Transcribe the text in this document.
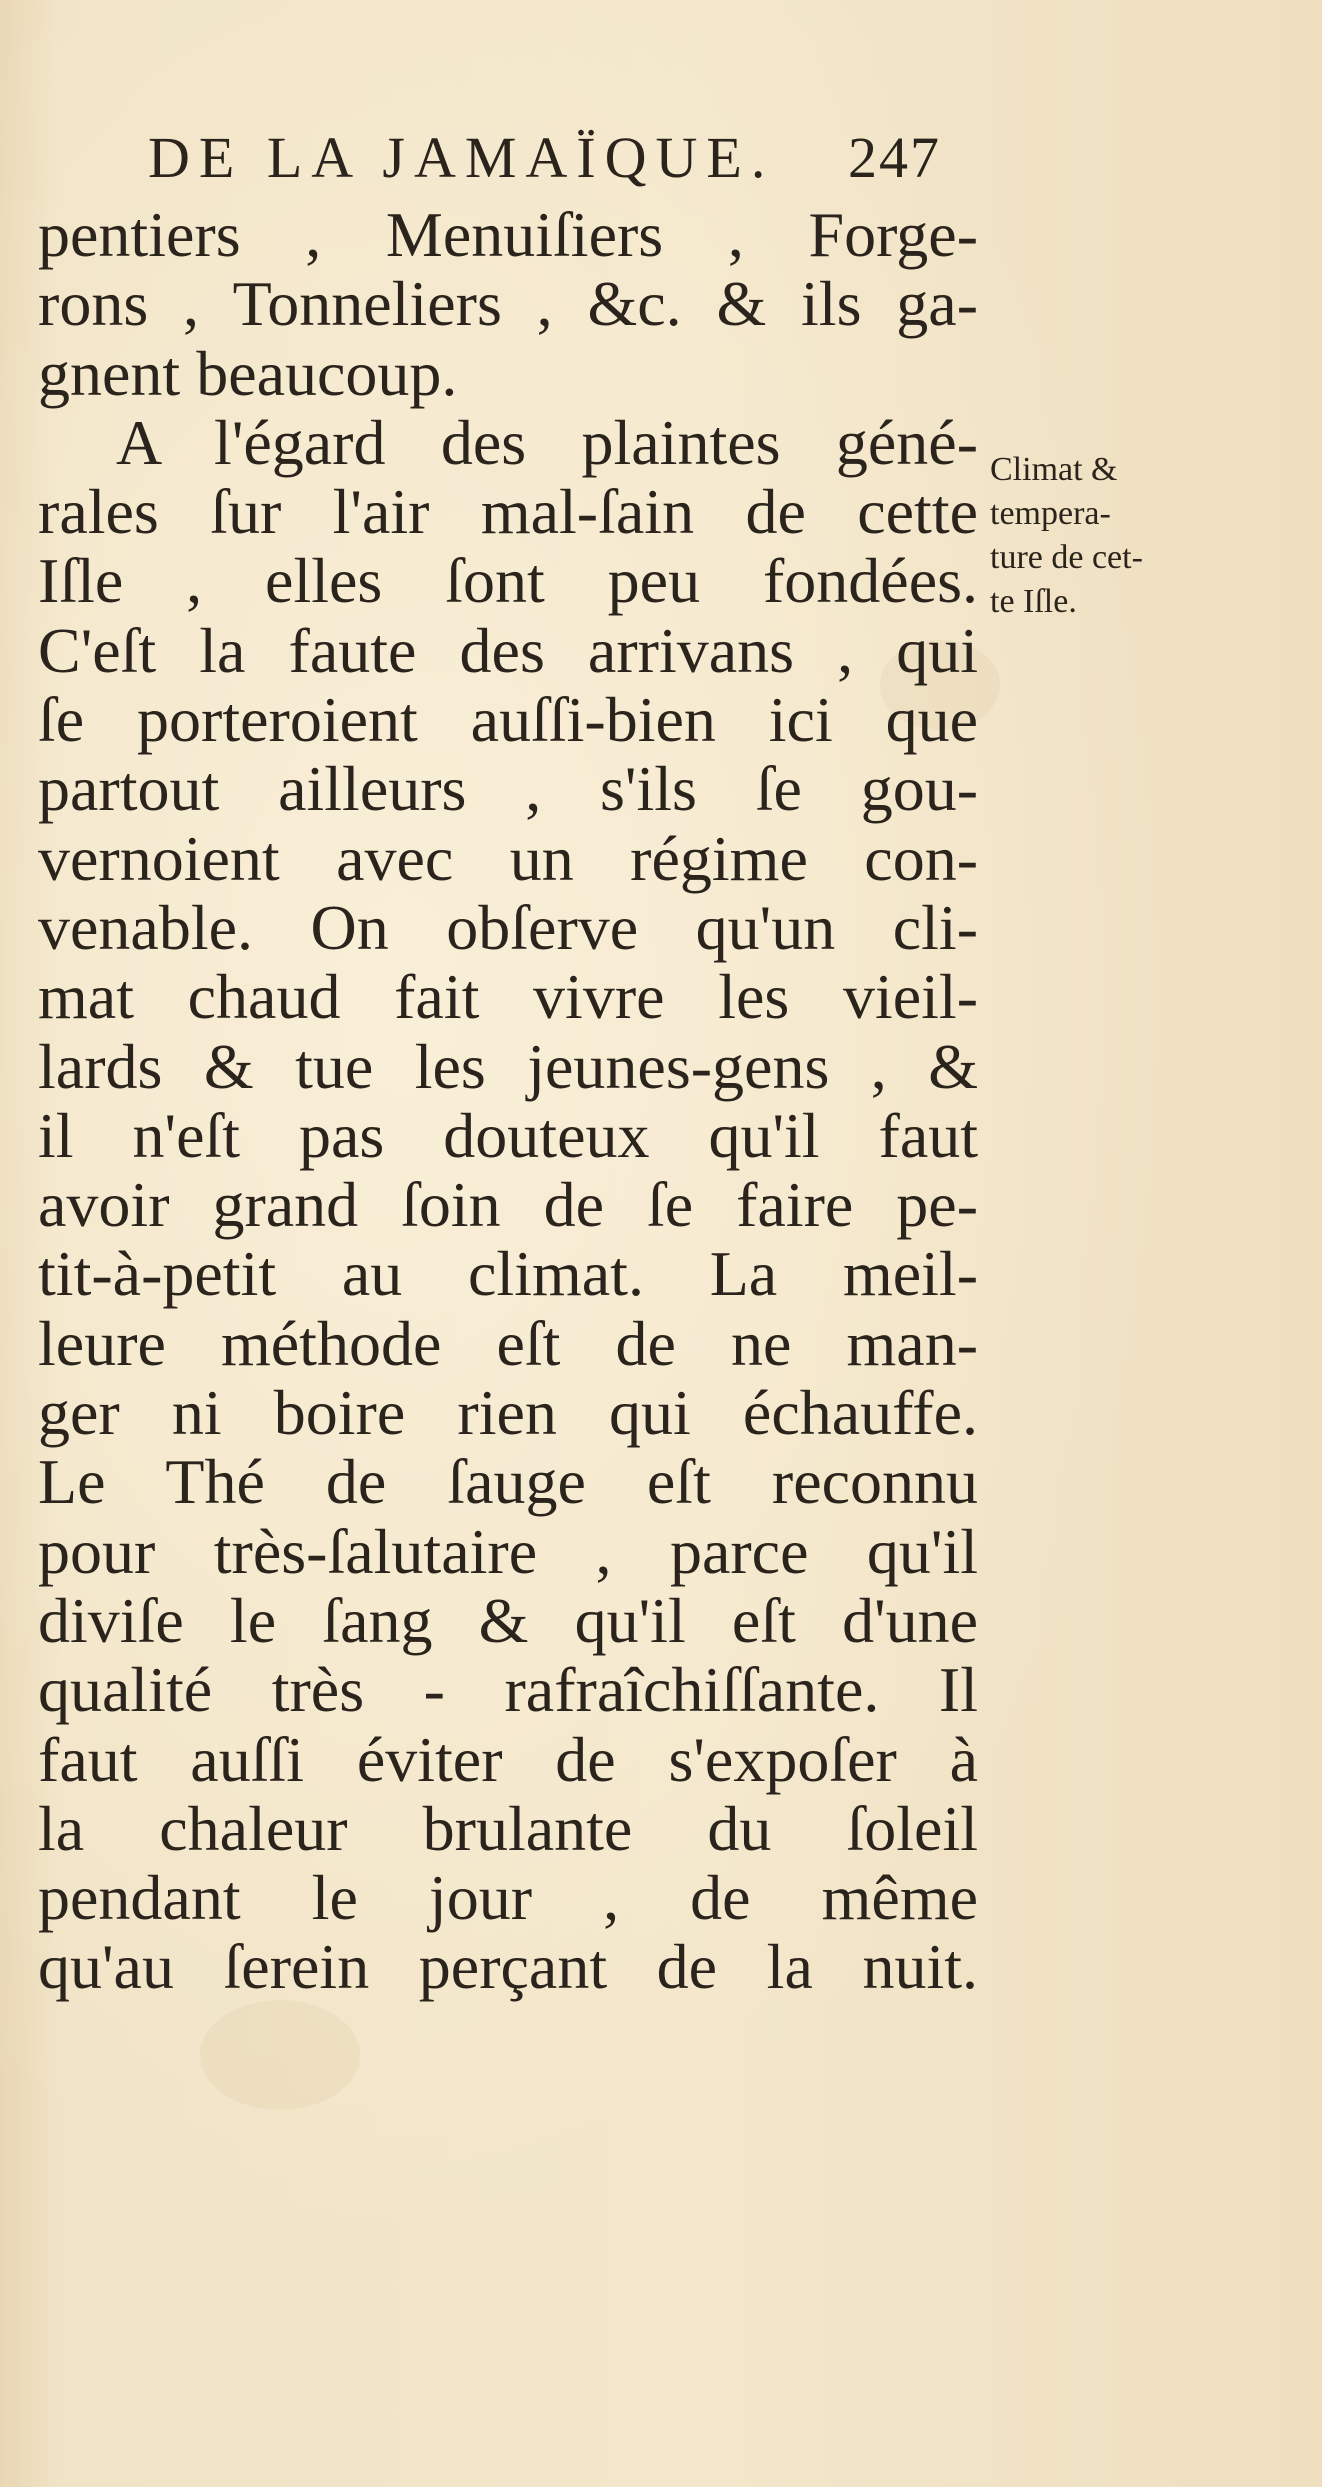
DE LA JAMAÏQUE. 247
pentiers , Menuiſiers , Forge-
rons , Tonneliers , &c. & ils ga-
gnent beaucoup.
A l'égard des plaintes géné-
rales ſur l'air mal-ſain de cette
Iſle , elles ſont peu fondées.
C'eſt la faute des arrivans , qui
ſe porteroient auſſi-bien ici que
partout ailleurs , s'ils ſe gou-
vernoient avec un régime con-
venable. On obſerve qu'un cli-
mat chaud fait vivre les vieil-
lards & tue les jeunes-gens , &
il n'eſt pas douteux qu'il faut
avoir grand ſoin de ſe faire pe-
tit-à-petit au climat. La meil-
leure méthode eſt de ne man-
ger ni boire rien qui échauffe.
Le Thé de ſauge eſt reconnu
pour très-ſalutaire , parce qu'il
diviſe le ſang & qu'il eſt d'une
qualité très - rafraîchiſſante. Il
faut auſſi éviter de s'expoſer à
la chaleur brulante du ſoleil
pendant le jour , de même
qu'au ſerein perçant de la nuit.
Climat &
tempera-
ture de cet-
te Iſle.
